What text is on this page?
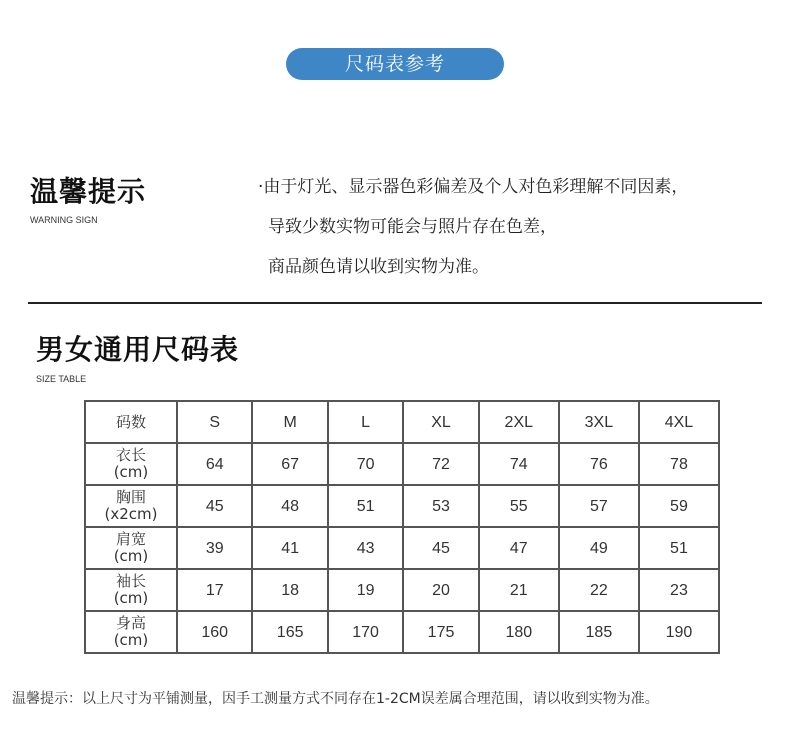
尺码表参考
温馨提示
WARNING SIGN
·由于灯光、显示器色彩偏差及个人对色彩理解不同因素，
导致少数实物可能会与照片存在色差，
商品颜色请以收到实物为准。
男女通用尺码表
SIZE TABLE
码数	S	M	L	XL	2XL	3XL	4XL
衣长
(cm)	64	67	70	72	74	76	78
胸围
(x2cm)	45	48	51	53	55	57	59
肩宽
(cm)	39	41	43	45	47	49	51
袖长
(cm)	17	18	19	20	21	22	23
身高
(cm)	160	165	170	175	180	185	190
温馨提示：以上尺寸为平铺测量，因手工测量方式不同存在1-2CM误差属合理范围，请以收到实物为准。
